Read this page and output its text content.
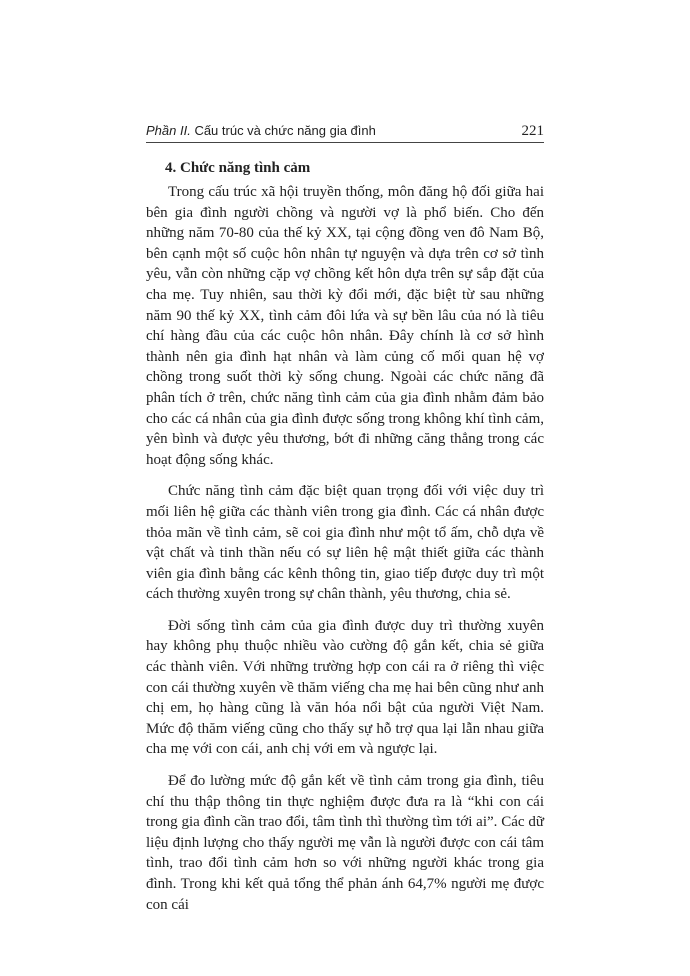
Phần II. Cấu trúc và chức năng gia đình	221
4. Chức năng tình cảm

Trong cấu trúc xã hội truyền thống, môn đăng hộ đối giữa hai bên gia đình người chồng và người vợ là phổ biến. Cho đến những năm 70-80 của thế kỷ XX, tại cộng đồng ven đô Nam Bộ, bên cạnh một số cuộc hôn nhân tự nguyện và dựa trên cơ sở tình yêu, vẫn còn những cặp vợ chồng kết hôn dựa trên sự sắp đặt của cha mẹ. Tuy nhiên, sau thời kỳ đổi mới, đặc biệt từ sau những năm 90 thế kỷ XX, tình cảm đôi lứa và sự bền lâu của nó là tiêu chí hàng đầu của các cuộc hôn nhân. Đây chính là cơ sở hình thành nên gia đình hạt nhân và làm củng cố mối quan hệ vợ chồng trong suốt thời kỳ sống chung. Ngoài các chức năng đã phân tích ở trên, chức năng tình cảm của gia đình nhằm đảm bảo cho các cá nhân của gia đình được sống trong không khí tình cảm, yên bình và được yêu thương, bớt đi những căng thẳng trong các hoạt động sống khác.

Chức năng tình cảm đặc biệt quan trọng đối với việc duy trì mối liên hệ giữa các thành viên trong gia đình. Các cá nhân được thỏa mãn về tình cảm, sẽ coi gia đình như một tổ ấm, chỗ dựa về vật chất và tinh thần nếu có sự liên hệ mật thiết giữa các thành viên gia đình bằng các kênh thông tin, giao tiếp được duy trì một cách thường xuyên trong sự chân thành, yêu thương, chia sẻ.

Đời sống tình cảm của gia đình được duy trì thường xuyên hay không phụ thuộc nhiều vào cường độ gắn kết, chia sẻ giữa các thành viên. Với những trường hợp con cái ra ở riêng thì việc con cái thường xuyên về thăm viếng cha mẹ hai bên cũng như anh chị em, họ hàng cũng là văn hóa nổi bật của người Việt Nam. Mức độ thăm viếng cũng cho thấy sự hỗ trợ qua lại lẫn nhau giữa cha mẹ với con cái, anh chị với em và ngược lại.

Để đo lường mức độ gắn kết về tình cảm trong gia đình, tiêu chí thu thập thông tin thực nghiệm được đưa ra là “khi con cái trong gia đình cần trao đổi, tâm tình thì thường tìm tới ai”. Các dữ liệu định lượng cho thấy người mẹ vẫn là người được con cái tâm tình, trao đổi tình cảm hơn so với những người khác trong gia đình. Trong khi kết quả tổng thể phản ánh 64,7% người mẹ được con cái
